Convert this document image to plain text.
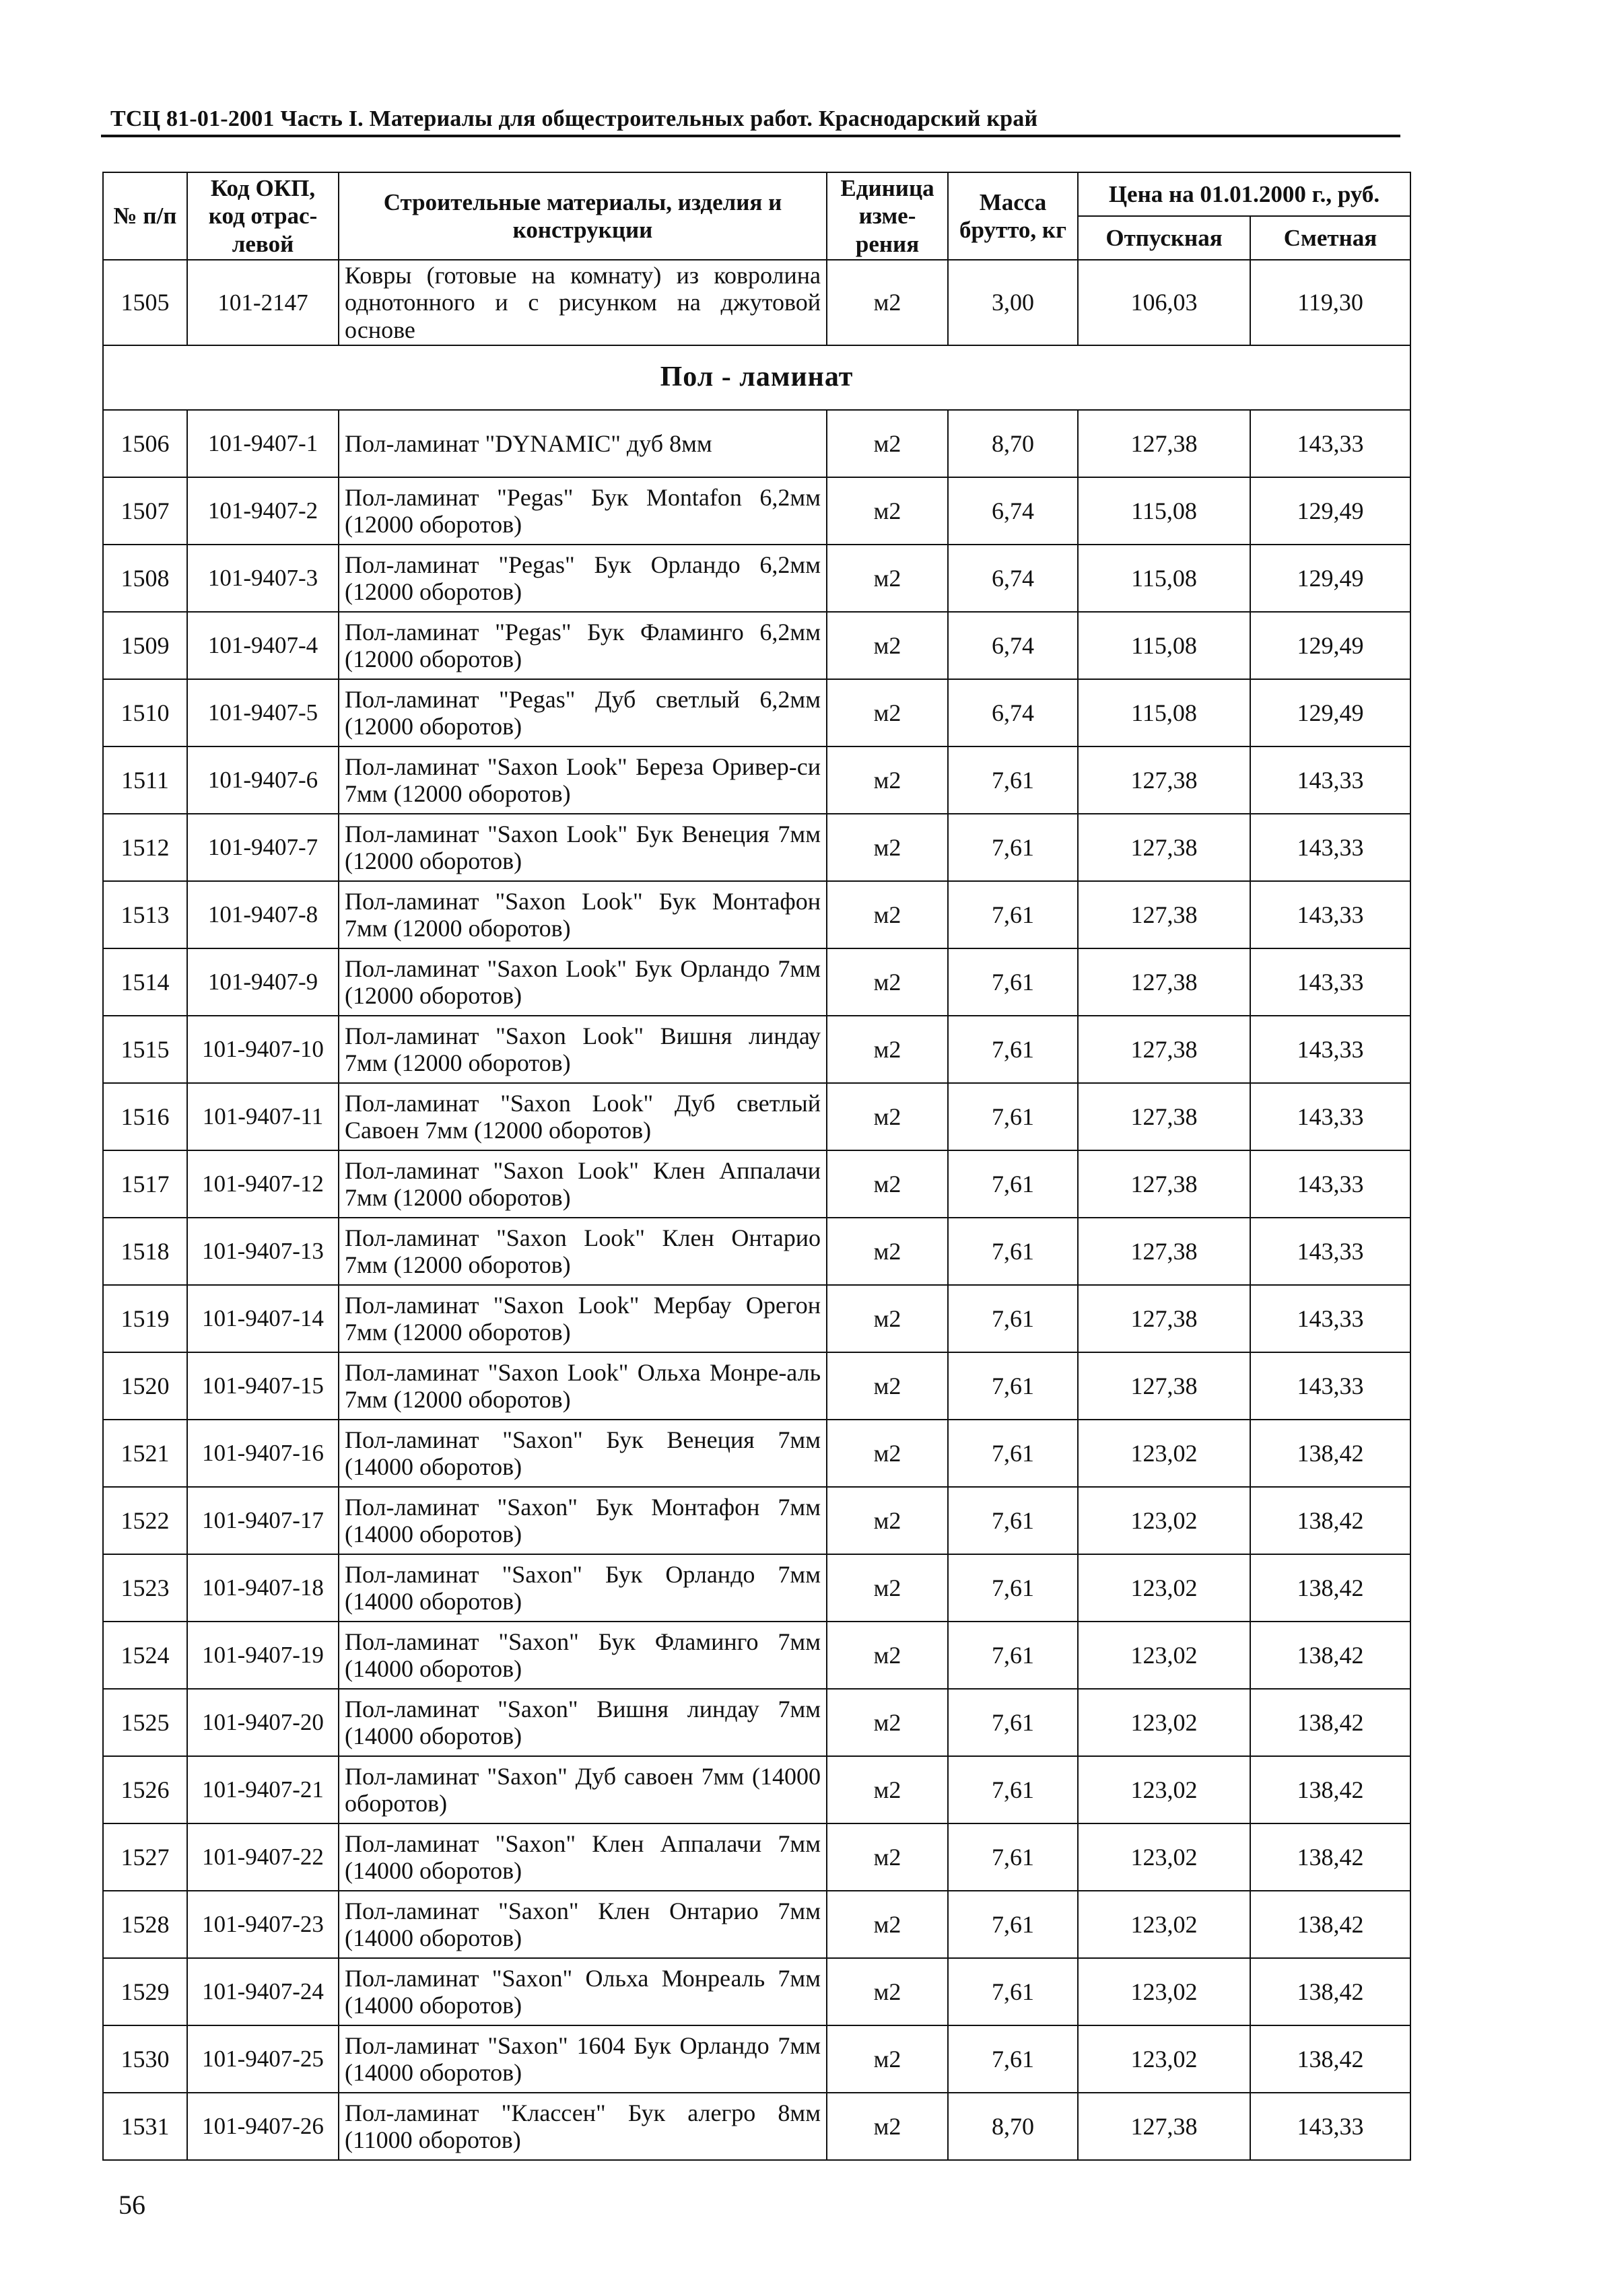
ТСЦ 81-01-2001 Часть I. Материалы для общестроительных работ. Краснодарский край
№ п/п	Код ОКП, код отрас-левой	Строительные материалы, изделия и конструкции	Единица изме-рения	Масса брутто, кг	Цена на 01.01.2000 г., руб.	
					Отпускная	Сметная
1505	101-2147	Ковры (готовые на комнату) из ковролина однотонного и с рисунком на джутовой основе	м2	3,00	106,03	119,30
Пол - ламинат						
1506	101-9407-1	Пол-ламинат "DYNAMIC" дуб 8мм	м2	8,70	127,38	143,33
1507	101-9407-2	Пол-ламинат "Pegas" Бук Montafon 6,2мм (12000 оборотов)	м2	6,74	115,08	129,49
1508	101-9407-3	Пол-ламинат "Pegas" Бук Орландо 6,2мм (12000 оборотов)	м2	6,74	115,08	129,49
1509	101-9407-4	Пол-ламинат "Pegas" Бук Фламинго 6,2мм (12000 оборотов)	м2	6,74	115,08	129,49
1510	101-9407-5	Пол-ламинат "Pegas" Дуб светлый 6,2мм (12000 оборотов)	м2	6,74	115,08	129,49
1511	101-9407-6	Пол-ламинат "Saxon Look" Береза Оривер-си 7мм (12000 оборотов)	м2	7,61	127,38	143,33
1512	101-9407-7	Пол-ламинат "Saxon Look" Бук Венеция 7мм (12000 оборотов)	м2	7,61	127,38	143,33
1513	101-9407-8	Пол-ламинат "Saxon Look" Бук Монтафон 7мм (12000 оборотов)	м2	7,61	127,38	143,33
1514	101-9407-9	Пол-ламинат "Saxon Look" Бук Орландо 7мм (12000 оборотов)	м2	7,61	127,38	143,33
1515	101-9407-10	Пол-ламинат "Saxon Look" Вишня линдау 7мм (12000 оборотов)	м2	7,61	127,38	143,33
1516	101-9407-11	Пол-ламинат "Saxon Look" Дуб светлый Савоен 7мм (12000 оборотов)	м2	7,61	127,38	143,33
1517	101-9407-12	Пол-ламинат "Saxon Look" Клен Аппалачи 7мм (12000 оборотов)	м2	7,61	127,38	143,33
1518	101-9407-13	Пол-ламинат "Saxon Look" Клен Онтарио 7мм (12000 оборотов)	м2	7,61	127,38	143,33
1519	101-9407-14	Пол-ламинат "Saxon Look" Мербау Орегон 7мм (12000 оборотов)	м2	7,61	127,38	143,33
1520	101-9407-15	Пол-ламинат "Saxon Look" Ольха Монре-аль 7мм (12000 оборотов)	м2	7,61	127,38	143,33
1521	101-9407-16	Пол-ламинат "Saxon" Бук Венеция 7мм (14000 оборотов)	м2	7,61	123,02	138,42
1522	101-9407-17	Пол-ламинат "Saxon" Бук Монтафон 7мм (14000 оборотов)	м2	7,61	123,02	138,42
1523	101-9407-18	Пол-ламинат "Saxon" Бук Орландо 7мм (14000 оборотов)	м2	7,61	123,02	138,42
1524	101-9407-19	Пол-ламинат "Saxon" Бук Фламинго 7мм (14000 оборотов)	м2	7,61	123,02	138,42
1525	101-9407-20	Пол-ламинат "Saxon" Вишня линдау 7мм (14000 оборотов)	м2	7,61	123,02	138,42
1526	101-9407-21	Пол-ламинат "Saxon" Дуб савоен 7мм (14000 оборотов)	м2	7,61	123,02	138,42
1527	101-9407-22	Пол-ламинат "Saxon" Клен Аппалачи 7мм (14000 оборотов)	м2	7,61	123,02	138,42
1528	101-9407-23	Пол-ламинат "Saxon" Клен Онтарио 7мм (14000 оборотов)	м2	7,61	123,02	138,42
1529	101-9407-24	Пол-ламинат "Saxon" Ольха Монреаль 7мм (14000 оборотов)	м2	7,61	123,02	138,42
1530	101-9407-25	Пол-ламинат "Saxon" 1604 Бук Орландо 7мм (14000 оборотов)	м2	7,61	123,02	138,42
1531	101-9407-26	Пол-ламинат "Классен" Бук алегро 8мм (11000 оборотов)	м2	8,70	127,38	143,33
56
